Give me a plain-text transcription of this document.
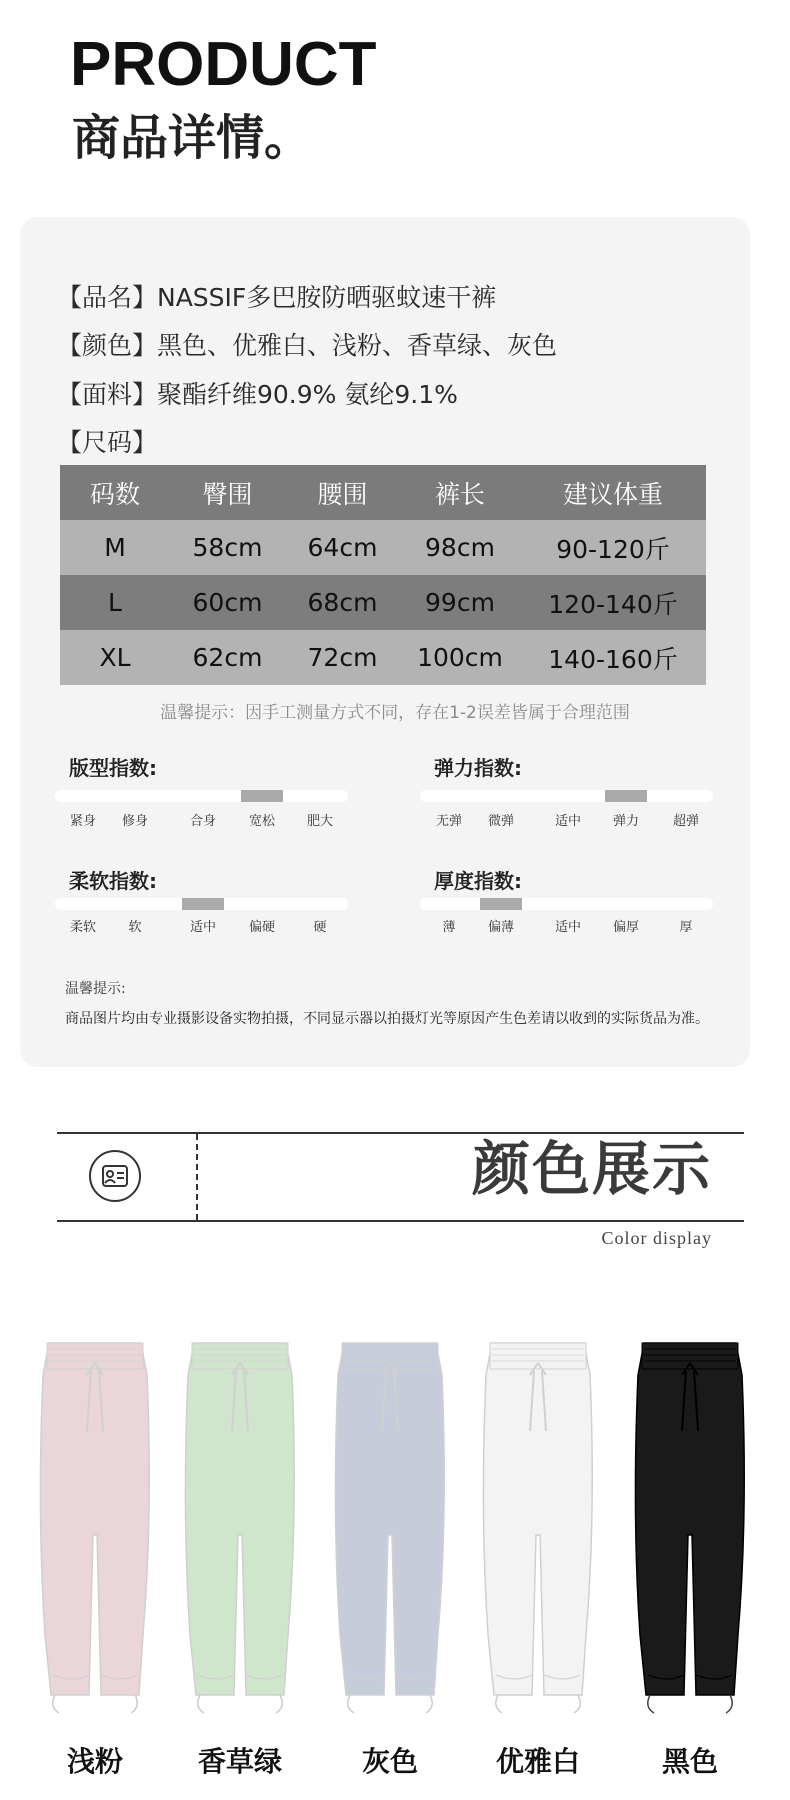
PRODUCT
商品详情。
【品名】NASSIF多巴胺防晒驱蚊速干裤
【颜色】黑色、优雅白、浅粉、香草绿、灰色
【面料】聚酯纤维90.9% 氨纶9.1%
【尺码】
码数	臀围	腰围	裤长	建议体重
M	58cm	64cm	98cm	90-120斤
L	60cm	68cm	99cm	120-140斤
XL	62cm	72cm	100cm	140-160斤
温馨提示：因手工测量方式不同，存在1-2误差皆属于合理范围
版型指数:
紧身 修身	合身	宽松 肥大
弹力指数:
无弹 微弹	适中 弹力	超弹
柔软指数:
柔软 软	适中	偏硬	硬
厚度指数:
薄 偏薄	适中 偏厚	厚
温馨提示:
商品图片均由专业摄影设备实物拍摄，不同显示器以拍摄灯光等原因产生色差请以收到的实际货品为准。
颜色展示
Color display
浅粉	香草绿	灰色	优雅白	黑色
